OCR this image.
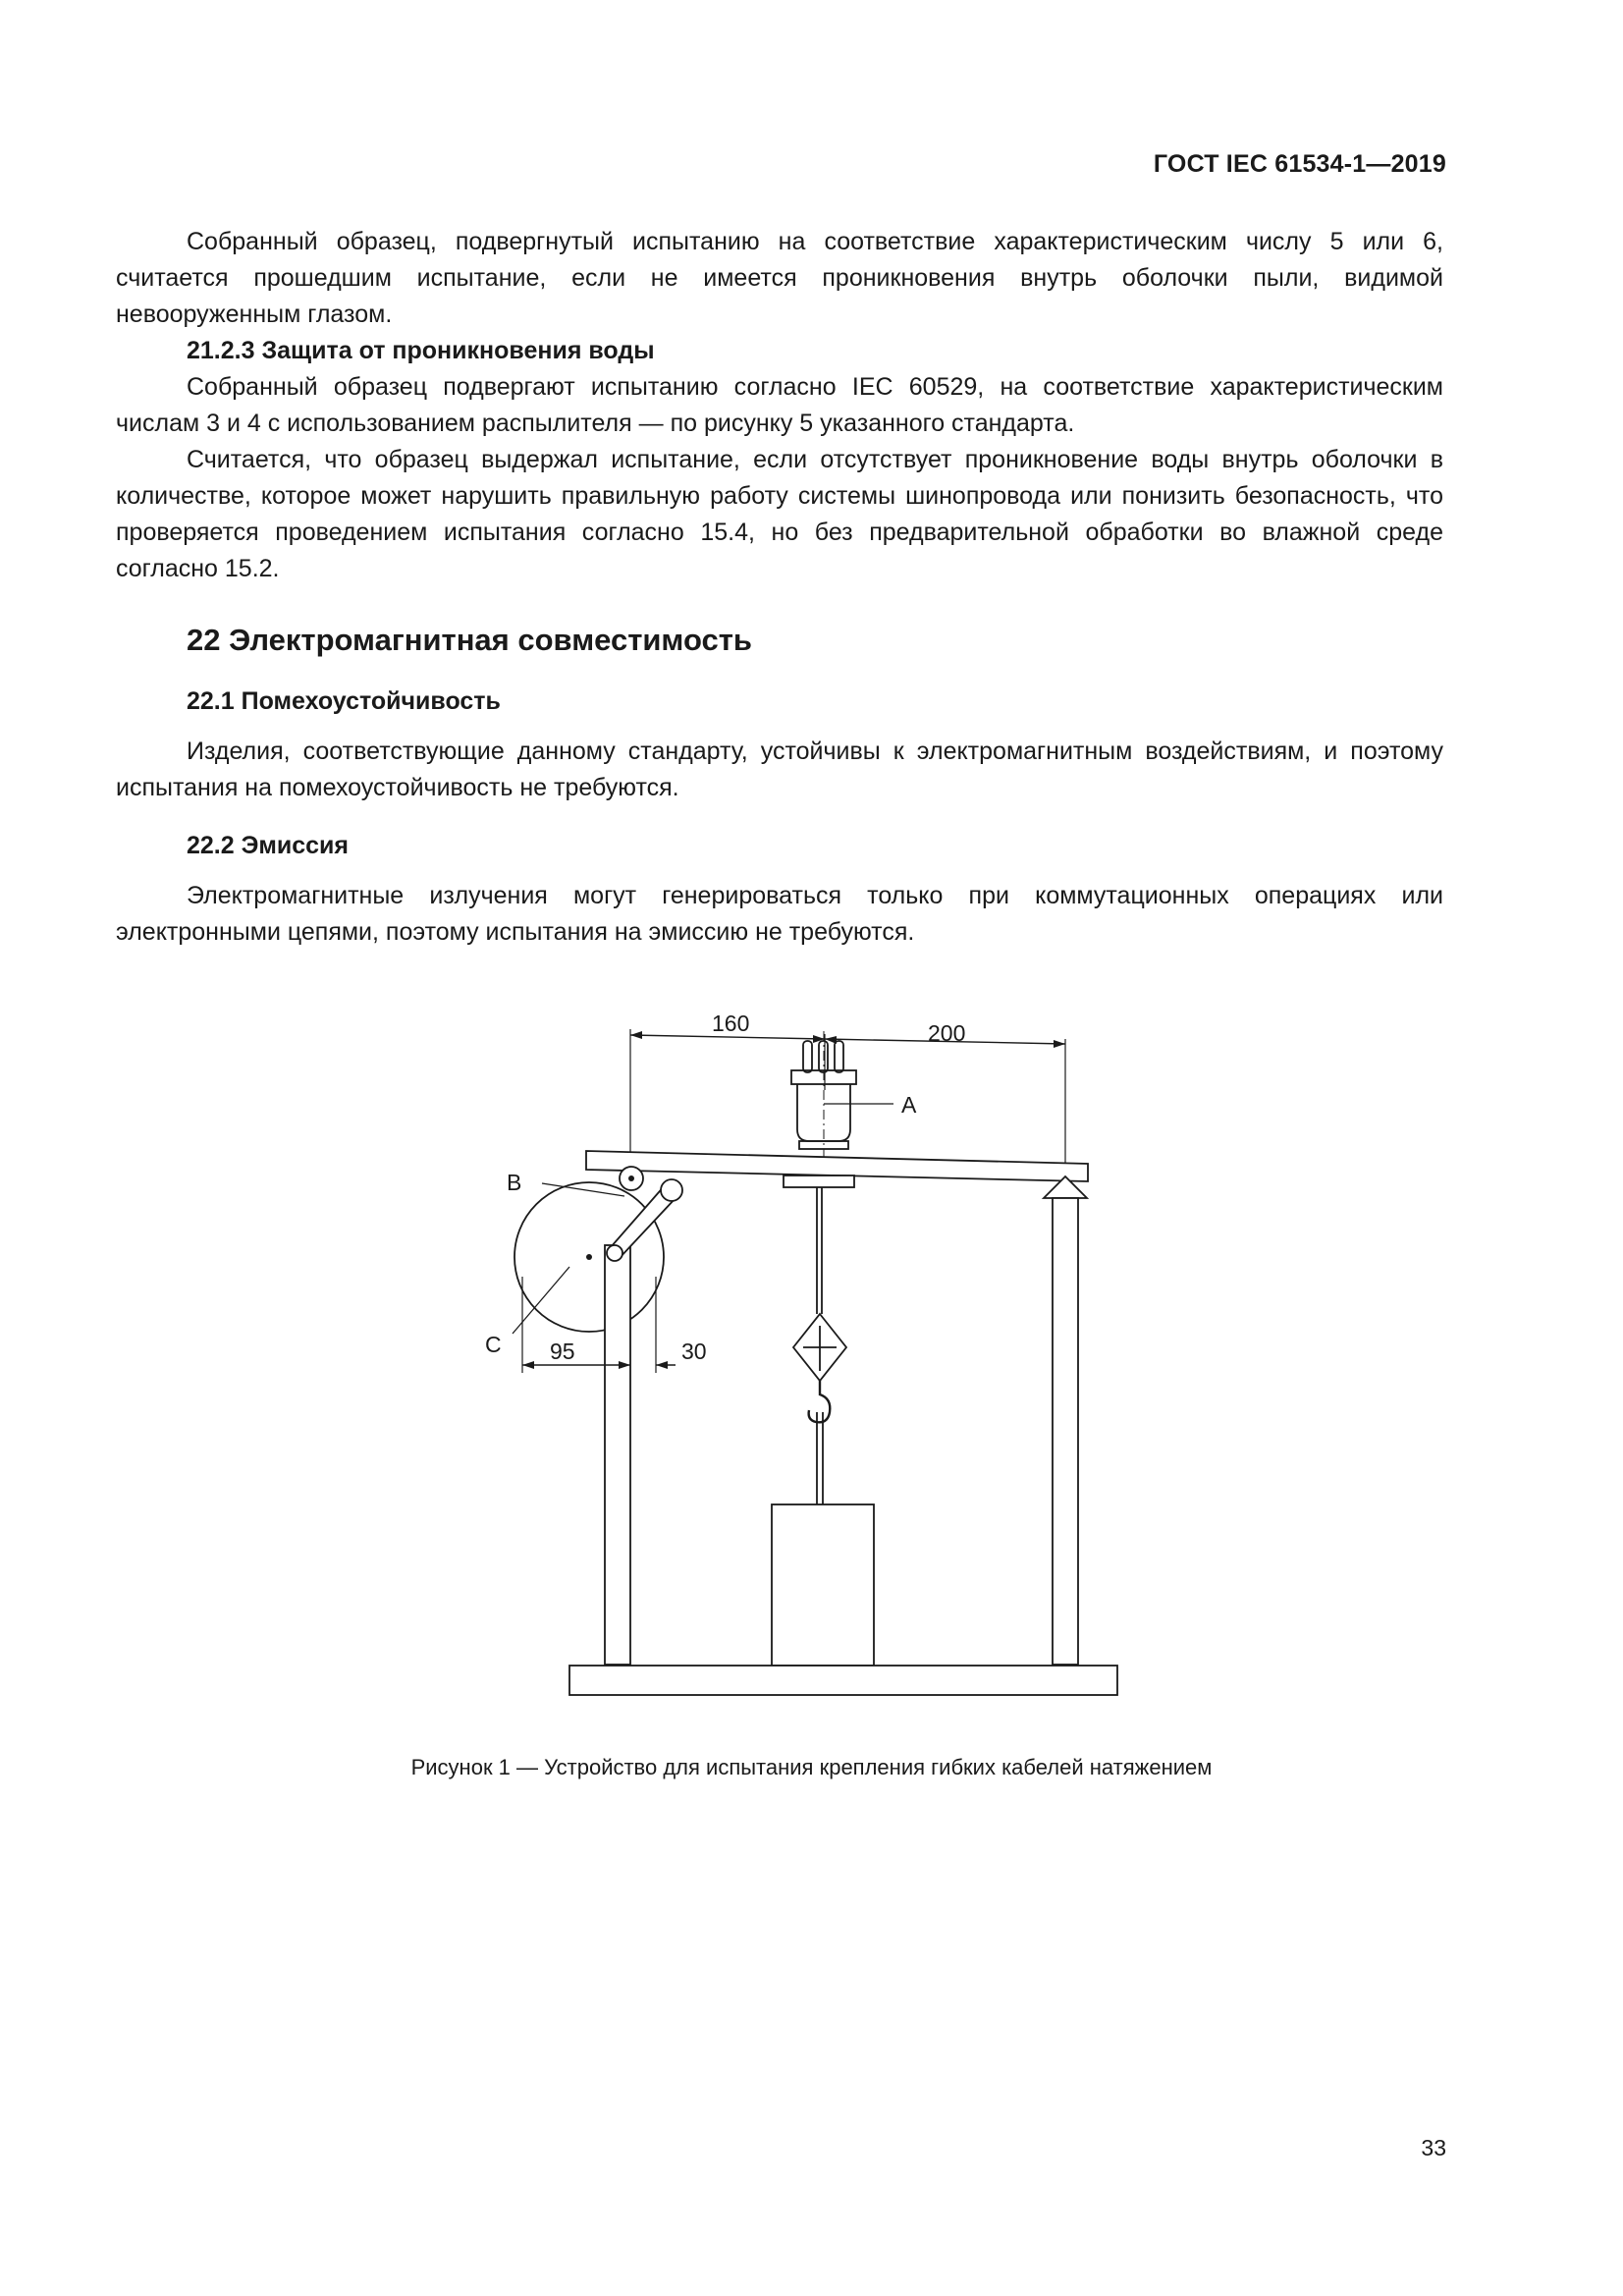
ГОСТ IEC 61534-1—2019

Собранный образец, подвергнутый испытанию на соответствие характеристическим числу 5 или 6, считается прошедшим испытание, если не имеется проникновения внутрь оболочки пыли, видимой невооруженным глазом.

21.2.3 Защита от проникновения воды

Собранный образец подвергают испытанию согласно IEC 60529, на соответствие характеристическим числам 3 и 4 с использованием распылителя — по рисунку 5 указанного стандарта.

Считается, что образец выдержал испытание, если отсутствует проникновение воды внутрь оболочки в количестве, которое может нарушить правильную работу системы шинопровода или понизить безопасность, что проверяется проведением испытания согласно 15.4, но без предварительной обработки во влажной среде согласно 15.2.

22 Электромагнитная совместимость
22.1 Помехоустойчивость

Изделия, соответствующие данному стандарту, устойчивы к электромагнитным воздействиям, и поэтому испытания на помехоустойчивость не требуются.

22.2 Эмиссия

Электромагнитные излучения могут генерироваться только при коммутационных операциях или электронными цепями, поэтому испытания на эмиссию не требуются.

160	200
A
B
C 95	30
Рисунок 1 — Устройство для испытания крепления гибких кабелей натяжением
33
